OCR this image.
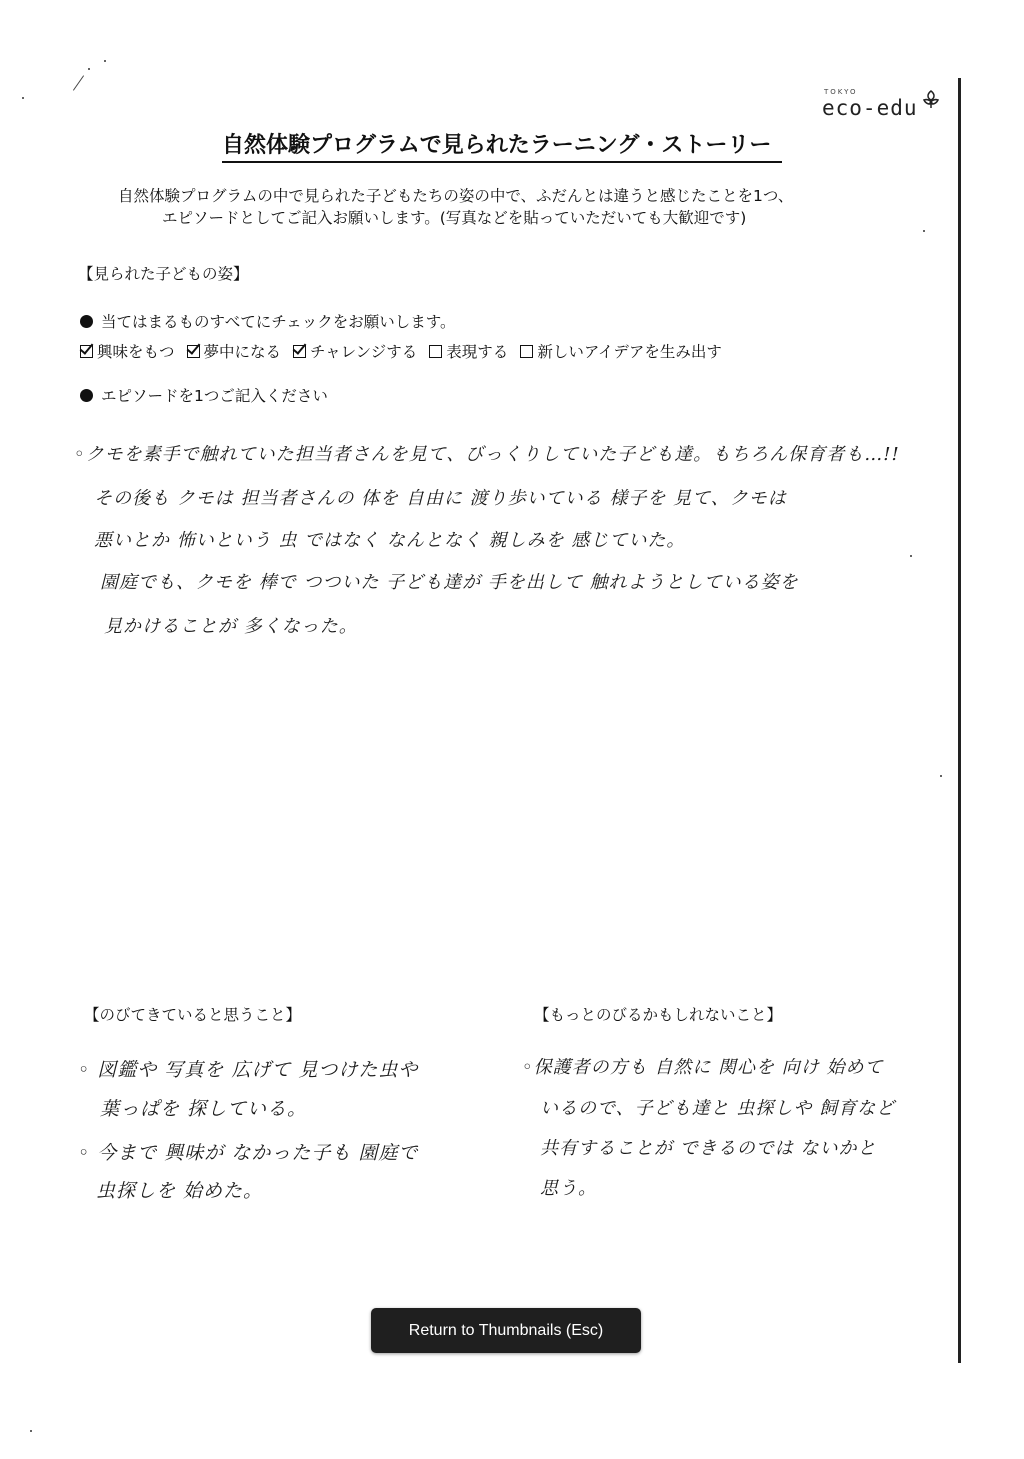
TOKYO
eco-edu
自然体験プログラムで見られたラーニング・ストーリー
自然体験プログラムの中で見られた子どもたちの姿の中で、ふだんとは違うと感じたことを1つ、
エピソードとしてご記入お願いします。(写真などを貼っていただいても大歓迎です)
【見られた子どもの姿】
当てはまるものすべてにチェックをお願いします。
興味をもつ 夢中になる チャレンジする 表現する 新しいアイデアを生み出す
エピソードを1つご記入ください
◦クモを素手で触れていた担当者さんを見て、びっくりしていた子ども達。もちろん保育者も…!!
その後も クモは 担当者さんの 体を 自由に 渡り歩いている 様子を 見て、クモは
悪いとか 怖いという 虫 ではなく なんとなく 親しみを 感じていた。
園庭でも、クモを 棒で つついた 子ども達が 手を出して 触れようとしている姿を
見かけることが 多くなった。
【のびてきていると思うこと】
◦ 図鑑や 写真を 広げて 見つけた虫や
葉っぱを 探している。
◦ 今まで 興味が なかった子も 園庭で
虫探しを 始めた。
【もっとのびるかもしれないこと】
◦保護者の方も 自然に 関心を 向け 始めて
いるので、子ども達と 虫探しや 飼育など
共有することが できるのでは ないかと
思う。
Return to Thumbnails (Esc)
